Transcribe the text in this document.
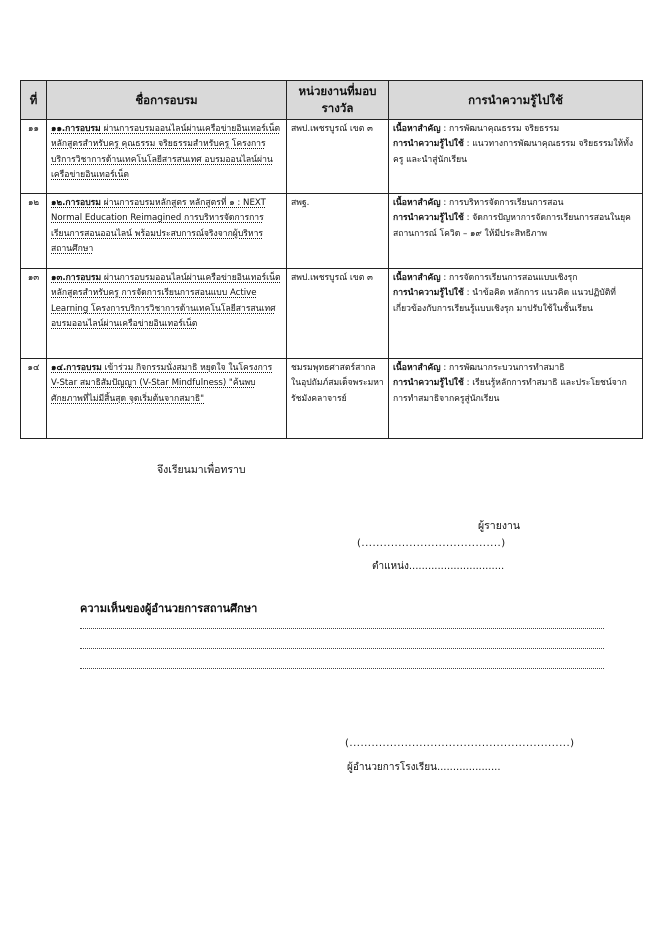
ที่	ชื่อการอบรม	หน่วยงานที่มอบรางวัล	การนำความรู้ไปใช้
๑๑	๑๑.การอบรม ผ่านการอบรมออนไลน์ผ่านเครือข่ายอินเทอร์เน็ตหลักสูตรสำหรับครู คุณธรรม จริยธรรมสำหรับครู โครงการบริการวิชาการด้านเทคโนโลยีสารสนเทศ อบรมออนไลน์ผ่านเครือข่ายอินเทอร์เน็ต	สพป.เพชรบูรณ์ เขต ๓	เนื้อหาสำคัญ : การพัฒนาคุณธรรม จริยธรรม
การนำความรู้ไปใช้ : แนวทางการพัฒนาคุณธรรม จริยธรรมให้ทั้งครู และนำสู่นักเรียน
๑๒	๑๒.การอบรม ผ่านการอบรมหลักสูตร หลักสูตรที่ ๑ : NEXT Normal Education Reimagined การบริหารจัดการการเรียนการสอนออนไลน์ พร้อมประสบการณ์จริงจากผู้บริหารสถานศึกษา	สพฐ.	เนื้อหาสำคัญ : การบริหารจัดการเรียนการสอน
การนำความรู้ไปใช้ : จัดการปัญหาการจัดการเรียนการสอนในยุคสถานการณ์ โควิด – ๑๙ ให้มีประสิทธิภาพ
๑๓	๑๓.การอบรม ผ่านการอบรมออนไลน์ผ่านเครือข่ายอินเทอร์เน็ตหลักสูตรสำหรับครู การจัดการเรียนการสอนแบบ Active Learning โครงการบริการวิชาการด้านเทคโนโลยีสารสนเทศ อบรมออนไลน์ผ่านเครือข่ายอินเทอร์เน็ต	สพป.เพชรบูรณ์ เขต ๓	เนื้อหาสำคัญ : การจัดการเรียนการสอนแบบเชิงรุก
การนำความรู้ไปใช้ : นำข้อคิด หลักการ แนวคิด แนวปฏิบัติที่เกี่ยวข้องกับการเรียนรู้แบบเชิงรุก มาปรับใช้ในชั้นเรียน
๑๔	๑๔.การอบรม เข้าร่วม กิจกรรมนั่งสมาธิ หยุดใจ ในโครงการ V-Star สมาธิสัมปัญญา (V-Star Mindfulness) "ค้นพบศักยภาพที่ไม่มีสิ้นสุด จุดเริ่มต้นจากสมาธิ"	ชมรมพุทธศาสตร์สากลในอุปถัมภ์สมเด็จพระมหารัชมังคลาจารย์	เนื้อหาสำคัญ : การพัฒนากระบวนการทำสมาธิ
การนำความรู้ไปใช้ : เรียนรู้หลักการทำสมาธิ และประโยชน์จากการทำสมาธิจากครูสู่นักเรียน
จึงเรียนมาเพื่อทราบ
ผู้รายงาน
(......................................)
ตำแหน่ง..............................
ความเห็นของผู้อำนวยการสถานศึกษา
(............................................................)
ผู้อำนวยการโรงเรียน....................
